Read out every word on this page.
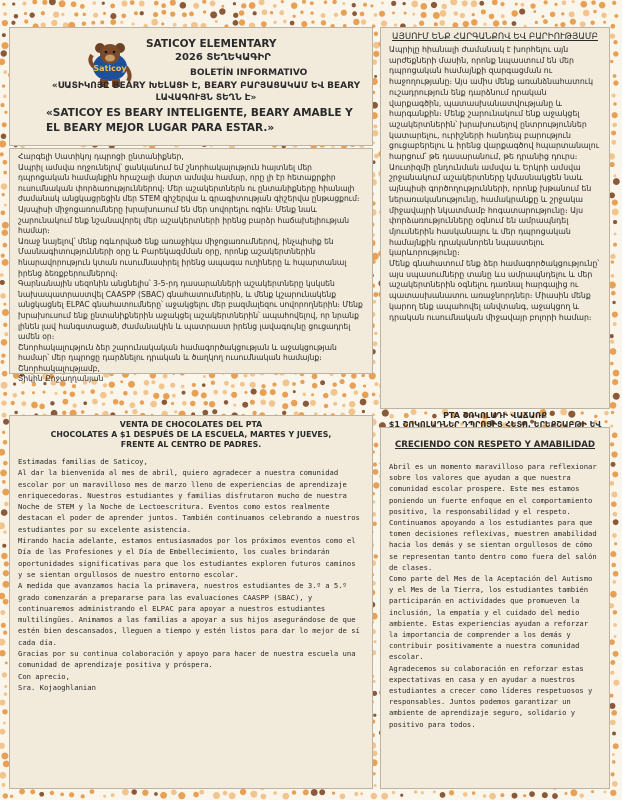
Saticoy
SATICOY ELEMENTARY
2026 ՏԵՂԵԿԱԳԻՐ
BOLETÍN INFORMATIVO
«ՍԱՏԻԿՈՅԸ BEARY ԽԵԼԱՑԻ Է, BEARY ԲԱՐՅԱՑԱԿԱՄ ԵՎ BEARY ԼԱՎԱԳՈՒՅՆ ՏԵՂՆ Է»
«SATICOY ES BEARY INTELIGENTE, BEARY AMABLE Y EL BEARY MEJOR LUGAR PARA ESTAR.»

Հարգելի Սատիկոյ դպրոցի ընտանիքներ,
Ապրիլ ամսվա ողջունելով՝ ցանկանում եմ շնորհակալություն հայտնել մեր դպրոցական համայնքին հրաշալի մարտ ամսվա համար, որը լի էր հետաքրքիր ուսումնական փորձառություններով։ Մեր աշակերտներն ու ընտանիքները հիանալի ժամանակ անցկացրեցին մեր STEM գիշերվա և գրագիտության գիշերվա ընթացքում։ Այսպիսի միջոցառումները խրախուսում են մեր սովորելու ոգին։ Մենք նաև շարունակում ենք նշանավորել մեր աշակերտների իրենց բարձր հաճախելիության համար։
Առաջ նայելով՝ մենք ոգևորված ենք առաջիկա միջոցառումներով, ինչպիսիք են Մասնագիտությունների օրը և Բարեկազմման օրը, որոնք աշակերտներին հնարավորություն կտան ուսումնասիրել իրենց ապագա ուղիները և հպարտանալ իրենց ձեռքբերումներով։
Գարնանային սեզոնին անցնելիս՝ 3-5-րդ դասարանների աշակերտները կսկսեն նախապատրաստվել CAASPP (SBAC) գնահատումներին, և մենք կշարունակենք անցկացնել ELPAC գնահատումները՝ աջակցելու մեր բազմալեզու սովորողներին։ Մենք խրախուսում ենք ընտանիքներին աջակցել աշակերտներին՝ ապահովելով, որ նրանք լինեն լավ հանգստացած, ժամանակին և պատրաստ իրենց լավագույնը ցուցադրել ամեն օր։
Շնորհակալություն ձեր շարունակական համագործակցության և աջակցության համար՝ մեր դպրոցը դարձնելու դրական և ծաղկող ուսումնական համայնք։
Շնորհակալությամբ,
Տիկին Քոջաղղանյան

ԱՅՍՈՒՄ ԵՆՔ ՀԱՐԳԱՆՔՈՎ ԵՎ ԲԱՐԻՈՒԹՅԱՄԲ

Ապրիլը հիանալի ժամանակ է խորհելու այն արժեքների մասին, որոնք նպաստում են մեր դպրոցական համայնքի զարգացման ու հաջողությանը։ Այս ամիս մենք առանձնահատուկ ուշադրություն ենք դարձնում դրական վարքագծին, պատասխանատվությանը և հարգանքին։ Մենք շարունակում ենք աջակցել աշակերտներին՝ խրախուսելով ընտրություններ կատարելու, ուրիշների հանդեպ բարություն ցուցաբերելու և իրենց վարքագծով հպարտանալու հարցում՝ թե դասարանում, թե դրանից դուրս։
Աուտիզմի ընդունման ամսվա և Երկրի ամսվա շրջանակում աշակերտները կմասնակցեն նաև այնպիսի գործողությունների, որոնք խթանում են ներառականությունը, համակրանքը և շրջակա միջավայրի նկատմամբ հոգատարությունը։ Այս փորձառությունները օգնում են ամրապնդել մյուսներին հասկանալու և մեր դպրոցական համայնքին դրականորեն նպաստելու կարևորությունը։
Մենք գնահատում ենք ձեր համագործակցությունը՝ այս սպասումները տանը ևս ամրապնդելու և մեր աշակերտներին օգնելու դառնալ հարգալից ու պատասխանատու առաջնորդներ։ Միասին մենք կարող ենք ապահովել անվտանգ, աջակցող և դրական ուսումնական միջավայր բոլորի համար։

VENTA DE CHOCOLATES DEL PTA
CHOCOLATES A $1 DESPUÉS DE LA ESCUELA, MARTES Y JUEVES,
FRENTE AL CENTRO DE PADRES.

Estimadas familias de Saticoy,
Al dar la bienvenida al mes de abril, quiero agradecer a nuestra comunidad escolar por un maravilloso mes de marzo lleno de experiencias de aprendizaje enriquecedoras. Nuestros estudiantes y familias disfrutaron mucho de nuestra Noche de STEM y la Noche de Lectoescritura. Eventos como estos realmente destacan el poder de aprender juntos. También continuamos celebrando a nuestros estudiantes por su excelente asistencia.
Mirando hacia adelante, estamos entusiasmados por los próximos eventos como el Día de las Profesiones y el Día de Embellecimiento, los cuales brindarán oportunidades significativas para que los estudiantes exploren futuros caminos y se sientan orgullosos de nuestro entorno escolar.
A medida que avanzamos hacia la primavera, nuestros estudiantes de 3.º a 5.º grado comenzarán a prepararse para las evaluaciones CAASPP (SBAC), y continuaremos administrando el ELPAC para apoyar a nuestros estudiantes multilingües. Animamos a las familias a apoyar a sus hijos asegurándose de que estén bien descansados, lleguen a tiempo y estén listos para dar lo mejor de sí cada día.
Gracias por su continua colaboración y apoyo para hacer de nuestra escuela una comunidad de aprendizaje positiva y próspera.
Con aprecio,
Sra. Kojaoghlanian

PTA ՇՈԿՈԼԱԴԻ ՎԱՃԱՌՔ
$1 ՇՈԿՈԼԱԴՆԵՐ ԴՊՐՈՑԻՑ ՀԵՏՈ, ԵՐԵՔՇԱԲԹԻ ԵՎ
CRECIENDO CON RESPETO Y AMABILIDAD

Abril es un momento maravilloso para reflexionar sobre los valores que ayudan a que nuestra comunidad escolar prospere. Este mes estamos poniendo un fuerte enfoque en el comportamiento positivo, la responsabilidad y el respeto. Continuamos apoyando a los estudiantes para que tomen decisiones reflexivas, muestren amabilidad hacia los demás y se sientan orgullosos de cómo se representan tanto dentro como fuera del salón de clases.
Como parte del Mes de la Aceptación del Autismo y el Mes de la Tierra, los estudiantes también participarán en actividades que promueven la inclusión, la empatía y el cuidado del medio ambiente. Estas experiencias ayudan a reforzar la importancia de comprender a los demás y contribuir positivamente a nuestra comunidad escolar.
Agradecemos su colaboración en reforzar estas expectativas en casa y en ayudar a nuestros estudiantes a crecer como líderes respetuosos y responsables. Juntos podemos garantizar un ambiente de aprendizaje seguro, solidario y positivo para todos.
